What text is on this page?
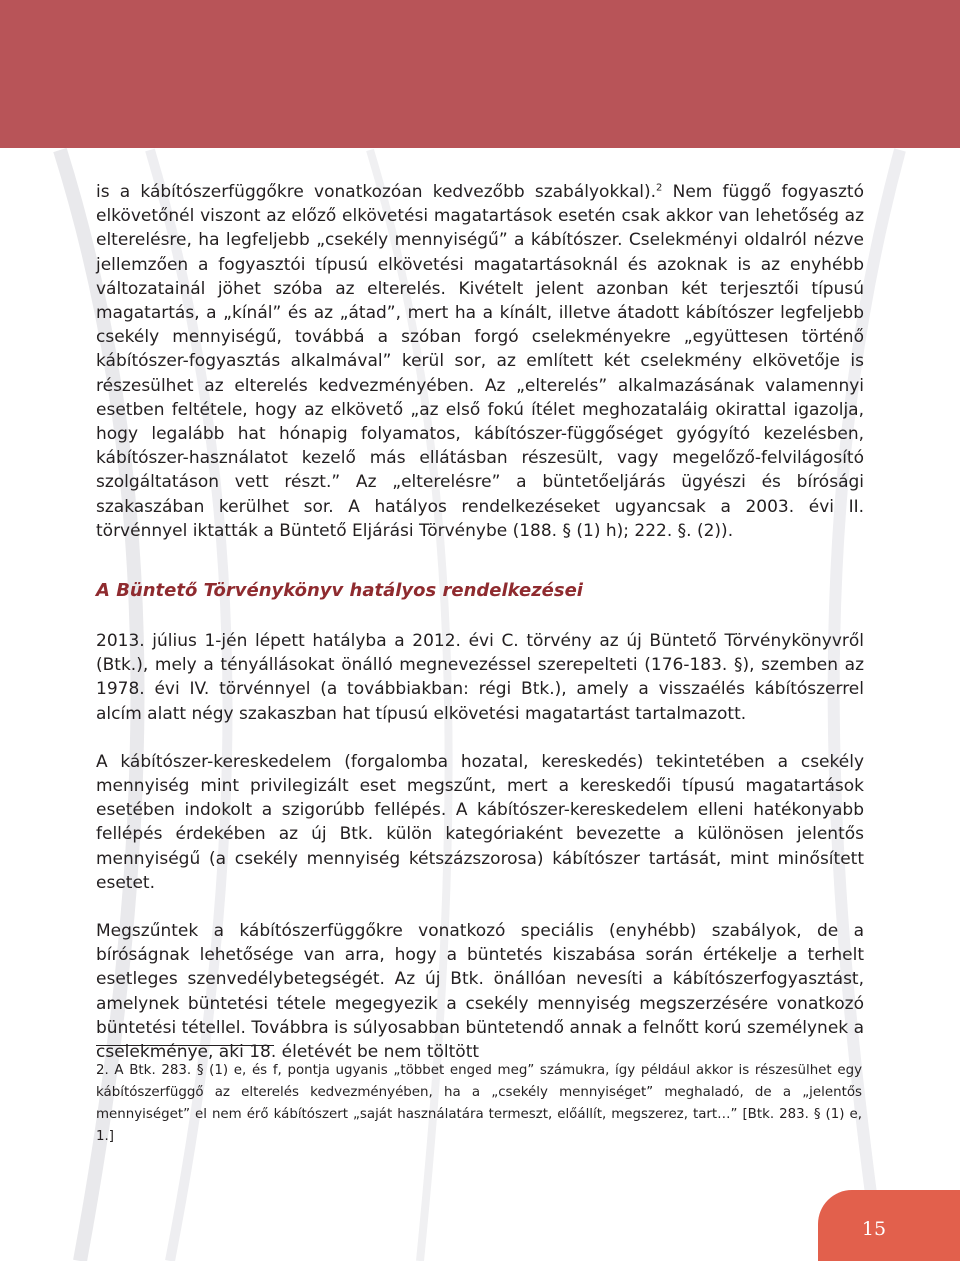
is a kábítószerfüggőkre vonatkozóan kedvezőbb szabályokkal).$^2$ Nem függő fogyasztó elkövetőnél viszont az előző elkövetési magatartások esetén csak akkor van lehetőség az elterelésre, ha legfeljebb „csekély mennyiségű” a kábítószer. Cselekményi oldalról nézve jellemzően a fogyasztói típusú elkövetési magatartásoknál és azoknak is az enyhébb változatainál jöhet szóba az elterelés. Kivételt jelent azonban két terjesztői típusú magatartás, a „kínál” és az „átad”, mert ha a kínált, illetve átadott kábítószer legfeljebb csekély mennyiségű, továbbá a szóban forgó cselekményekre „együttesen történő kábítószer-fogyasztás alkalmával” kerül sor, az említett két cselekmény elkövetője is részesülhet az elterelés kedvezményében. Az „elterelés” alkalmazásának valamennyi esetben feltétele, hogy az elkövető „az első fokú ítélet meghozataláig okirattal igazolja, hogy legalább hat hónapig folyamatos, kábítószer-függőséget gyógyító kezelésben, kábítószer-használatot kezelő más ellátásban részesült, vagy megelőző-felvilágosító szolgáltatáson vett részt.” Az „elterelésre” a büntetőeljárás ügyészi és bírósági szakaszában kerülhet sor. A hatályos rendelkezéseket ugyancsak a 2003. évi II. törvénnyel iktatták a Büntető Eljárási Törvénybe (188. § (1) h); 222. §. (2)).

A Büntető Törvénykönyv hatályos rendelkezései

2013. július 1-jén lépett hatályba a 2012. évi C. törvény az új Büntető Törvénykönyvről (Btk.), mely a tényállásokat önálló megnevezéssel szerepelteti (176-183. §), szemben az 1978. évi IV. törvénnyel (a továbbiakban: régi Btk.), amely a visszaélés kábítószerrel alcím alatt négy szakaszban hat típusú elkövetési magatartást tartalmazott.

A kábítószer-kereskedelem (forgalomba hozatal, kereskedés) tekintetében a csekély mennyiség mint privilegizált eset megszűnt, mert a kereskedői típusú magatartások esetében indokolt a szigorúbb fellépés. A kábítószer-kereskedelem elleni hatékonyabb fellépés érdekében az új Btk. külön kategóriaként bevezette a különösen jelentős mennyiségű (a csekély mennyiség kétszázszorosa) kábítószer tartását, mint minősített esetet.

Megszűntek a kábítószerfüggőkre vonatkozó speciális (enyhébb) szabályok, de a bíróságnak lehetősége van arra, hogy a büntetés kiszabása során értékelje a terhelt esetleges szenvedélybetegségét. Az új Btk. önállóan nevesíti a kábítószerfogyasztást, amelynek büntetési tétele megegyezik a csekély mennyiség megszerzésére vonatkozó büntetési tétellel. Továbbra is súlyosabban büntetendő annak a felnőtt korú személynek a cselekménye, aki 18. életévét be nem töltött

2. A Btk. 283. § (1) e, és f, pontja ugyanis „többet enged meg” számukra, így például akkor is részesülhet egy kábítószerfüggő az elterelés kedvezményében, ha a „csekély mennyiséget” meghaladó, de a „jelentős mennyiséget” el nem érő kábítószert „saját használatára termeszt, előállít, megszerez, tart…” [Btk. 283. § (1) e, 1.]

15
